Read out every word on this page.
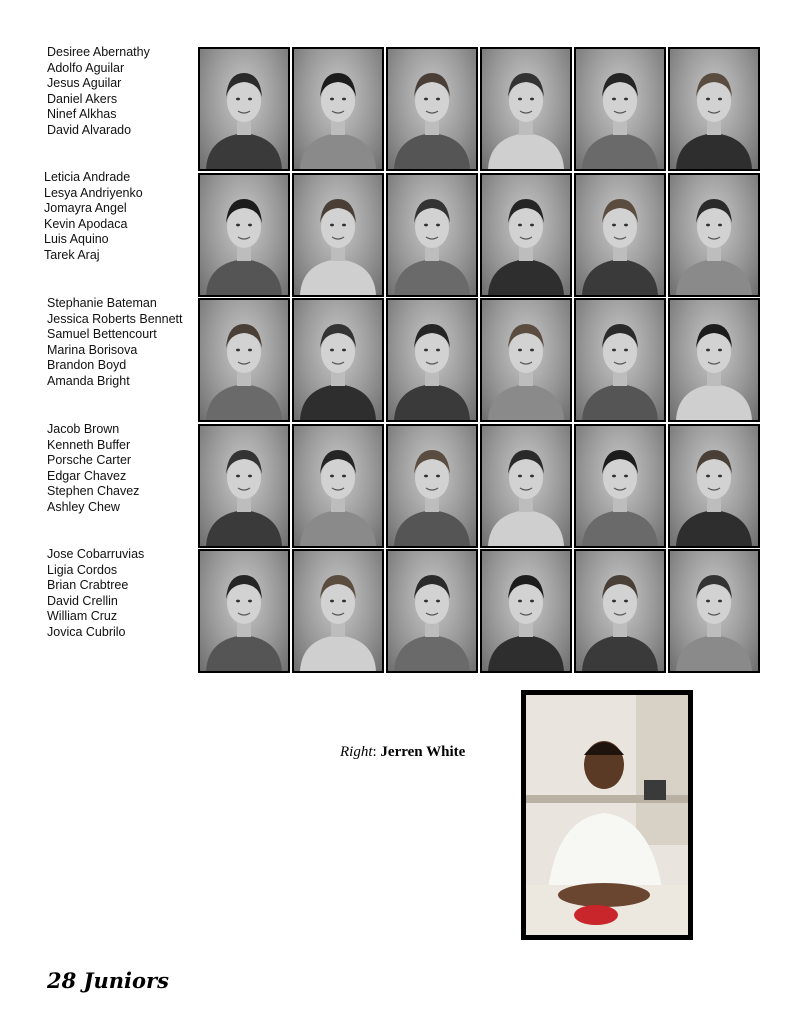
Desiree Abernathy
Adolfo Aguilar
Jesus Aguilar
Daniel Akers
Ninef Alkhas
David Alvarado
Leticia Andrade
Lesya Andriyenko
Jomayra Angel
Kevin Apodaca
Luis Aquino
Tarek Araj
Stephanie Bateman
Jessica Roberts Bennett
Samuel Bettencourt
Marina Borisova
Brandon Boyd
Amanda Bright
Jacob Brown
Kenneth Buffer
Porsche Carter
Edgar Chavez
Stephen Chavez
Ashley Chew
Jose Cobarruvias
Ligia Cordos
Brian Crabtree
David Crellin
William Cruz
Jovica Cubrilo
Right: Jerren White
28 Juniors
